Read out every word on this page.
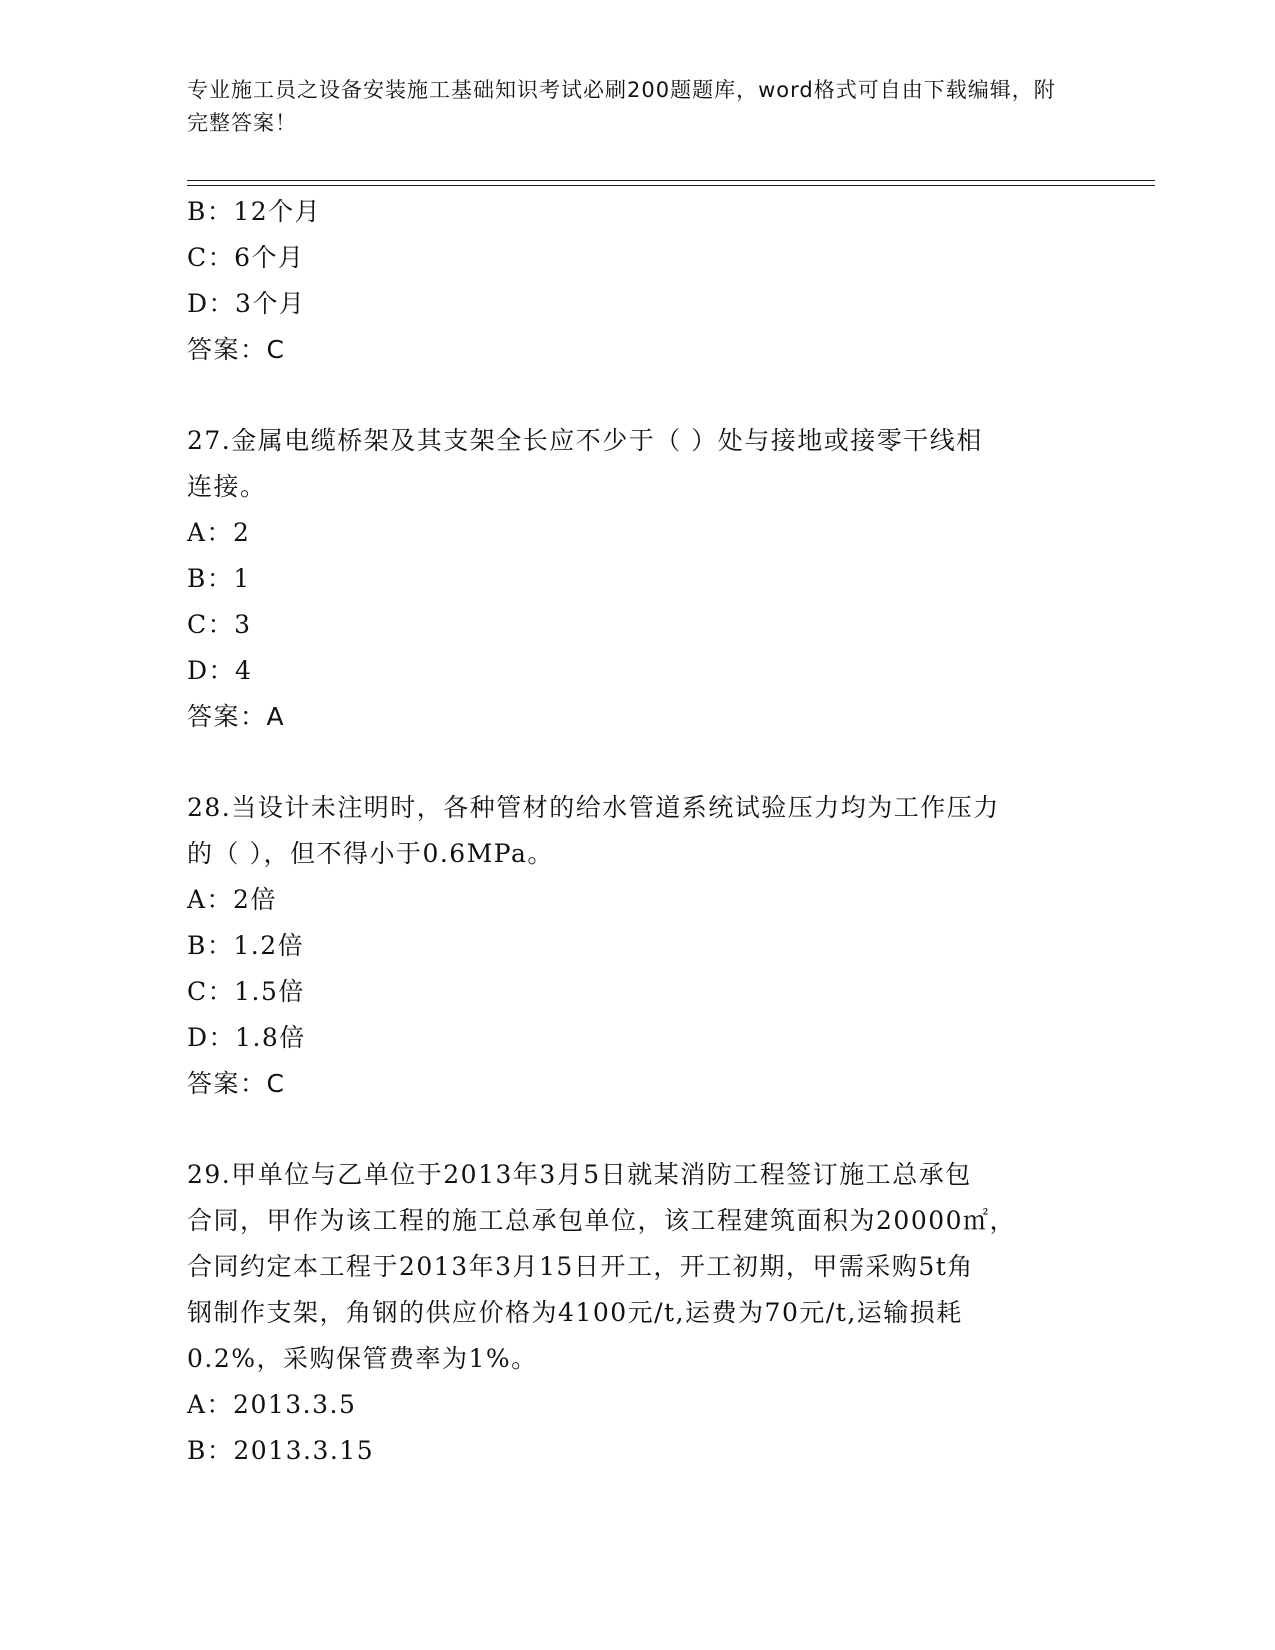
专业施工员之设备安装施工基础知识考试必刷200题题库，word格式可自由下载编辑，附完整答案！
B：12个月
C：6个月
D：3个月
答案：C
27.金属电缆桥架及其支架全长应不少于（ ）处与接地或接零干线相
连接。
A：2
B：1
C：3
D：4
答案：A
28.当设计未注明时，各种管材的给水管道系统试验压力均为工作压力
的（ ），但不得小于0.6MPa。
A：2倍
B：1.2倍
C：1.5倍
D：1.8倍
答案：C
29.甲单位与乙单位于2013年3月5日就某消防工程签订施工总承包
合同，甲作为该工程的施工总承包单位，该工程建筑面积为20000㎡，
合同约定本工程于2013年3月15日开工，开工初期，甲需采购5t角
钢制作支架，角钢的供应价格为4100元/t,运费为70元/t,运输损耗
0.2%，采购保管费率为1%。
A：2013.3.5
B：2013.3.15
